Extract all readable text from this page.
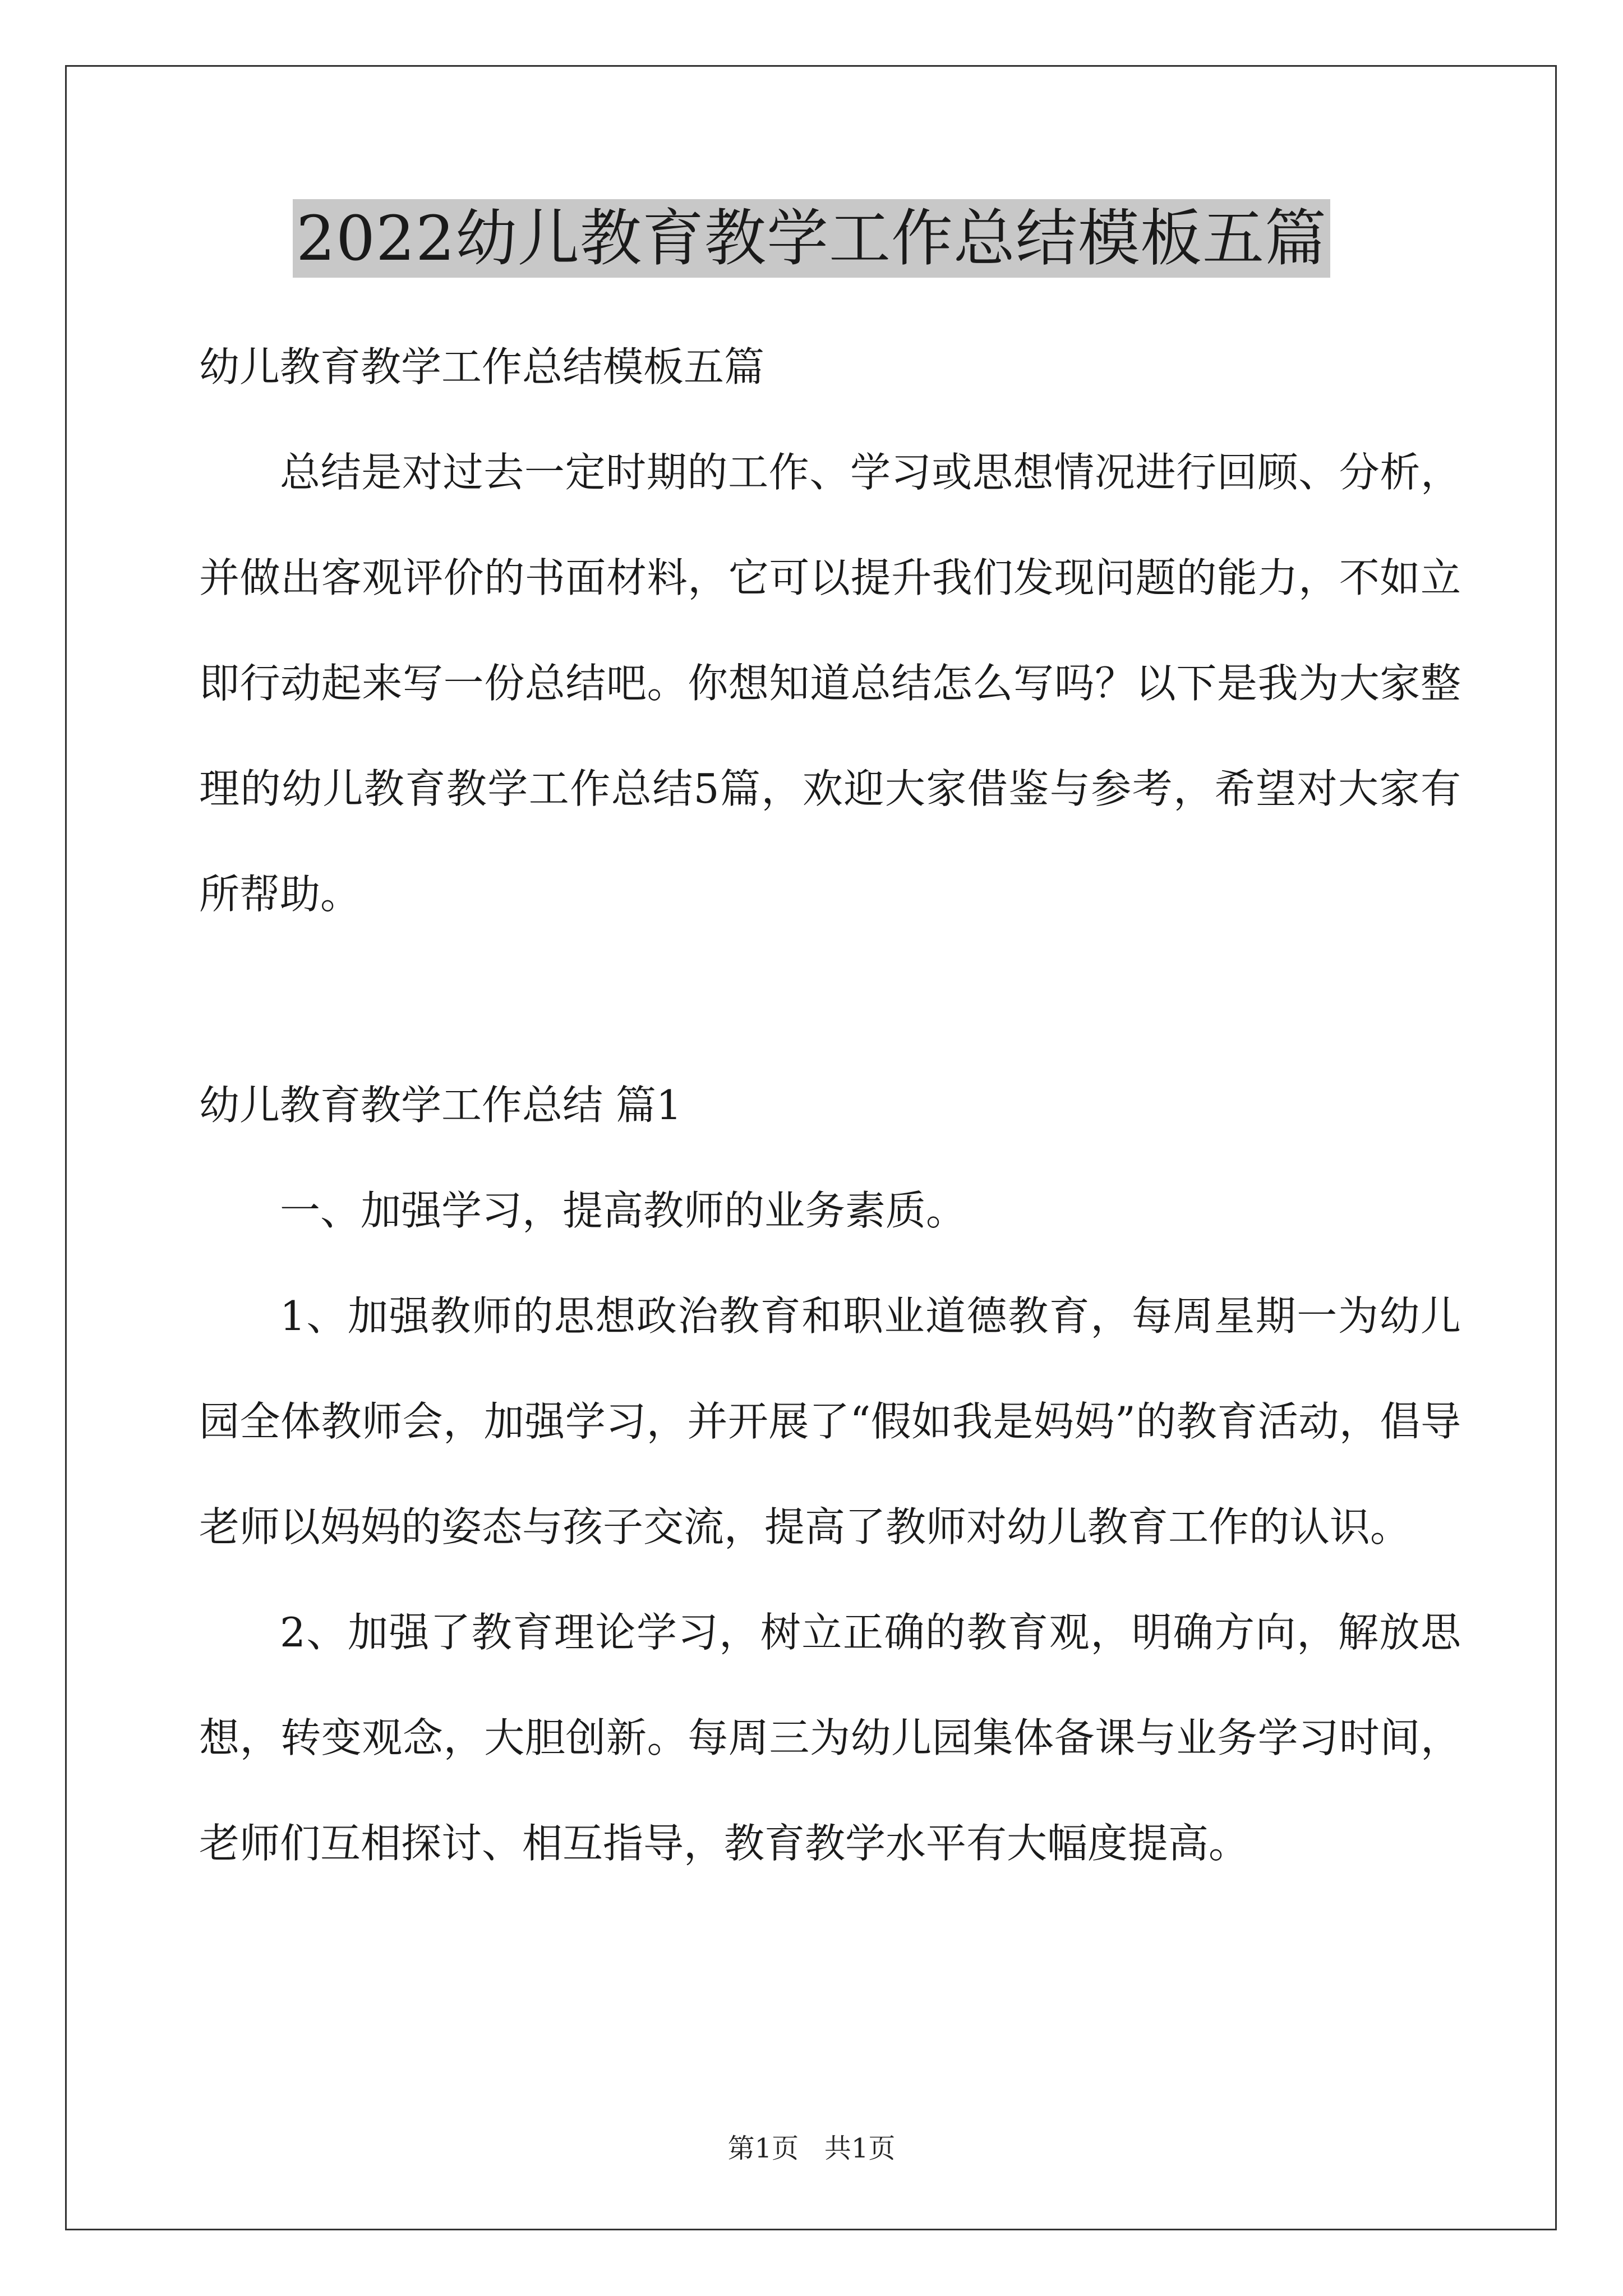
2022幼儿教育教学工作总结模板五篇

幼儿教育教学工作总结模板五篇

总结是对过去一定时期的工作、学习或思想情况进行回顾、分析，并做出客观评价的书面材料，它可以提升我们发现问题的能力，不如立即行动起来写一份总结吧。你想知道总结怎么写吗？以下是我为大家整理的幼儿教育教学工作总结5篇，欢迎大家借鉴与参考，希望对大家有所帮助。

幼儿教育教学工作总结 篇1

一、加强学习，提高教师的业务素质。

1、加强教师的思想政治教育和职业道德教育，每周星期一为幼儿园全体教师会，加强学习，并开展了“假如我是妈妈”的教育活动，倡导老师以妈妈的姿态与孩子交流，提高了教师对幼儿教育工作的认识。

2、加强了教育理论学习，树立正确的教育观，明确方向，解放思想，转变观念，大胆创新。每周三为幼儿园集体备课与业务学习时间，老师们互相探讨、相互指导，教育教学水平有大幅度提高。

第1页   共1页
